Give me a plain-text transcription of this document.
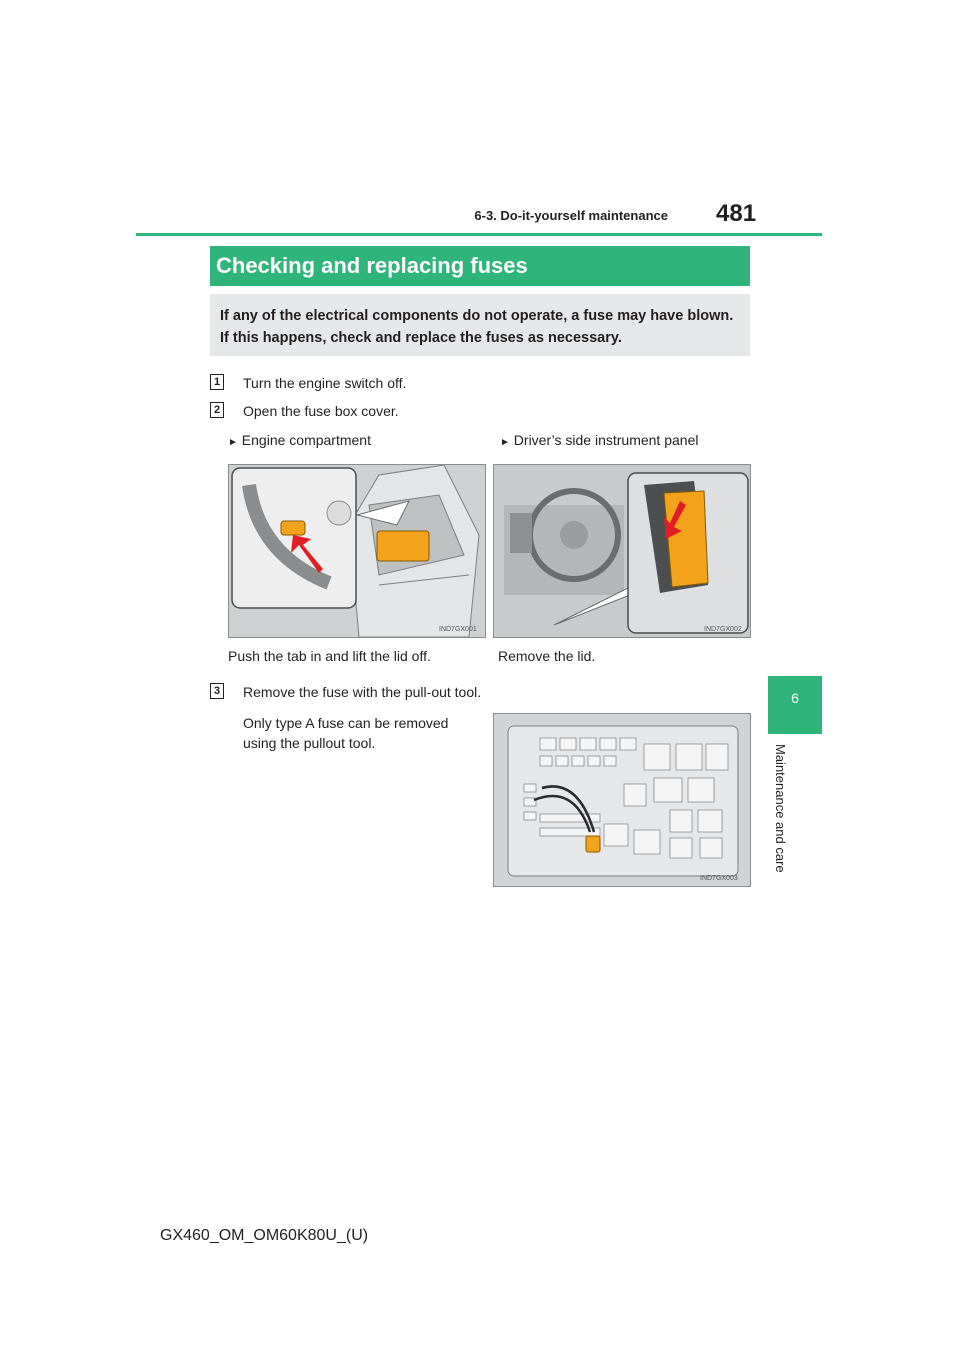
6-3. Do-it-yourself maintenance 481
6
Maintenance and care
Checking and replacing fuses
If any of the electrical components do not operate, a fuse may have blown. If this happens, check and replace the fuses as necessary.
1 Turn the engine switch off.
2 Open the fuse box cover.
► Engine compartment	► Driver’s side instrument panel
IND7GX001	IND7GX002
Push the tab in and lift the lid off.	Remove the lid.
3 Remove the fuse with the pull-out tool.
Only type A fuse can be removed using the pullout tool.
IND7GX003
GX460_OM_OM60K80U_(U)
